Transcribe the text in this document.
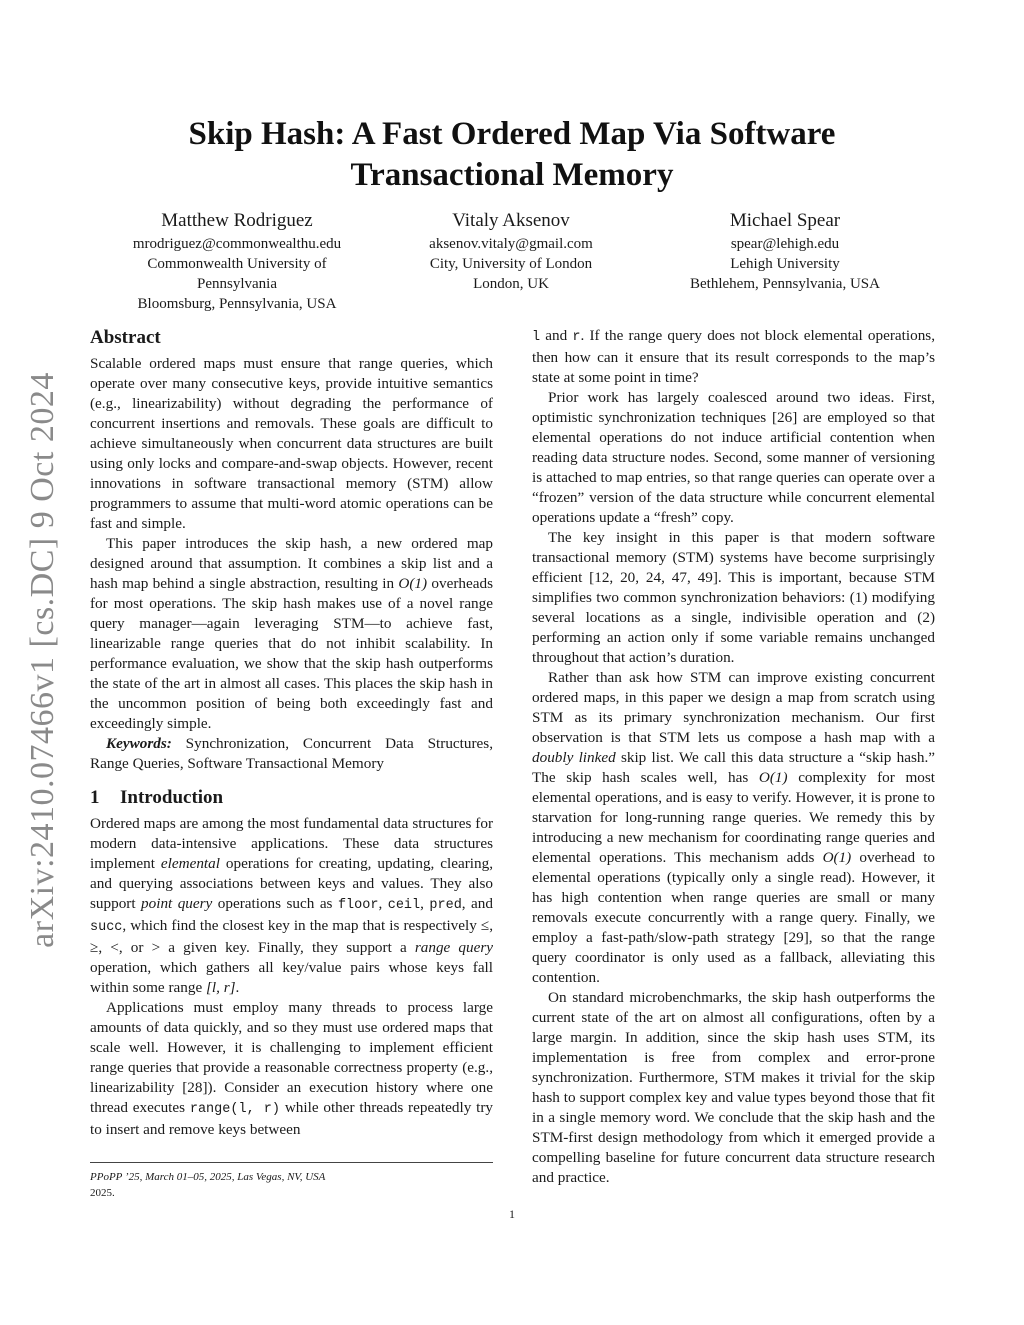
arXiv:2410.07466v1 [cs.DC] 9 Oct 2024
Skip Hash: A Fast Ordered Map Via Software Transactional Memory
Matthew Rodriguez
mrodriguez@commonwealthu.edu
Commonwealth University of
Pennsylvania
Bloomsburg, Pennsylvania, USA
Vitaly Aksenov
aksenov.vitaly@gmail.com
City, University of London
London, UK
Michael Spear
spear@lehigh.edu
Lehigh University
Bethlehem, Pennsylvania, USA
Abstract

Scalable ordered maps must ensure that range queries, which operate over many consecutive keys, provide intuitive semantics (e.g., linearizability) without degrading the performance of concurrent insertions and removals. These goals are difficult to achieve simultaneously when concurrent data structures are built using only locks and compare-and-swap objects. However, recent innovations in software transactional memory (STM) allow programmers to assume that multi-word atomic operations can be fast and simple.

This paper introduces the skip hash, a new ordered map designed around that assumption. It combines a skip list and a hash map behind a single abstraction, resulting in O(1) overheads for most operations. The skip hash makes use of a novel range query manager—again leveraging STM—to achieve fast, linearizable range queries that do not inhibit scalability. In performance evaluation, we show that the skip hash outperforms the state of the art in almost all cases. This places the skip hash in the uncommon position of being both exceedingly fast and exceedingly simple.

Keywords: Synchronization, Concurrent Data Structures, Range Queries, Software Transactional Memory

1 Introduction

Ordered maps are among the most fundamental data structures for modern data-intensive applications. These data structures implement elemental operations for creating, updating, clearing, and querying associations between keys and values. They also support point query operations such as floor, ceil, pred, and succ, which find the closest key in the map that is respectively ≤, ≥, <, or > a given key. Finally, they support a range query operation, which gathers all key/value pairs whose keys fall within some range [l, r].

Applications must employ many threads to process large amounts of data quickly, and so they must use ordered maps that scale well. However, it is challenging to implement efficient range queries that provide a reasonable correctness property (e.g., linearizability [28]). Consider an execution history where one thread executes range(l, r) while other threads repeatedly try to insert and remove keys between

l and r. If the range query does not block elemental operations, then how can it ensure that its result corresponds to the map’s state at some point in time?

Prior work has largely coalesced around two ideas. First, optimistic synchronization techniques [26] are employed so that elemental operations do not induce artificial contention when reading data structure nodes. Second, some manner of versioning is attached to map entries, so that range queries can operate over a “frozen” version of the data structure while concurrent elemental operations update a “fresh” copy.

The key insight in this paper is that modern software transactional memory (STM) systems have become surprisingly efficient [12, 20, 24, 47, 49]. This is important, because STM simplifies two common synchronization behaviors: (1) modifying several locations as a single, indivisible operation and (2) performing an action only if some variable remains unchanged throughout that action’s duration.

Rather than ask how STM can improve existing concurrent ordered maps, in this paper we design a map from scratch using STM as its primary synchronization mechanism. Our first observation is that STM lets us compose a hash map with a doubly linked skip list. We call this data structure a “skip hash.” The skip hash scales well, has O(1) complexity for most elemental operations, and is easy to verify. However, it is prone to starvation for long-running range queries. We remedy this by introducing a new mechanism for coordinating range queries and elemental operations. This mechanism adds O(1) overhead to elemental operations (typically only a single read). However, it has high contention when range queries are small or many removals execute concurrently with a range query. Finally, we employ a fast-path/slow-path strategy [29], so that the range query coordinator is only used as a fallback, alleviating this contention.

On standard microbenchmarks, the skip hash outperforms the current state of the art on almost all configurations, often by a large margin. In addition, since the skip hash uses STM, its implementation is free from complex and error-prone synchronization. Furthermore, STM makes it trivial for the skip hash to support complex key and value types beyond those that fit in a single memory word. We conclude that the skip hash and the STM-first design methodology from which it emerged provide a compelling baseline for future concurrent data structure research and practice.

PPoPP ’25, March 01–05, 2025, Las Vegas, NV, USA
2025.
1
